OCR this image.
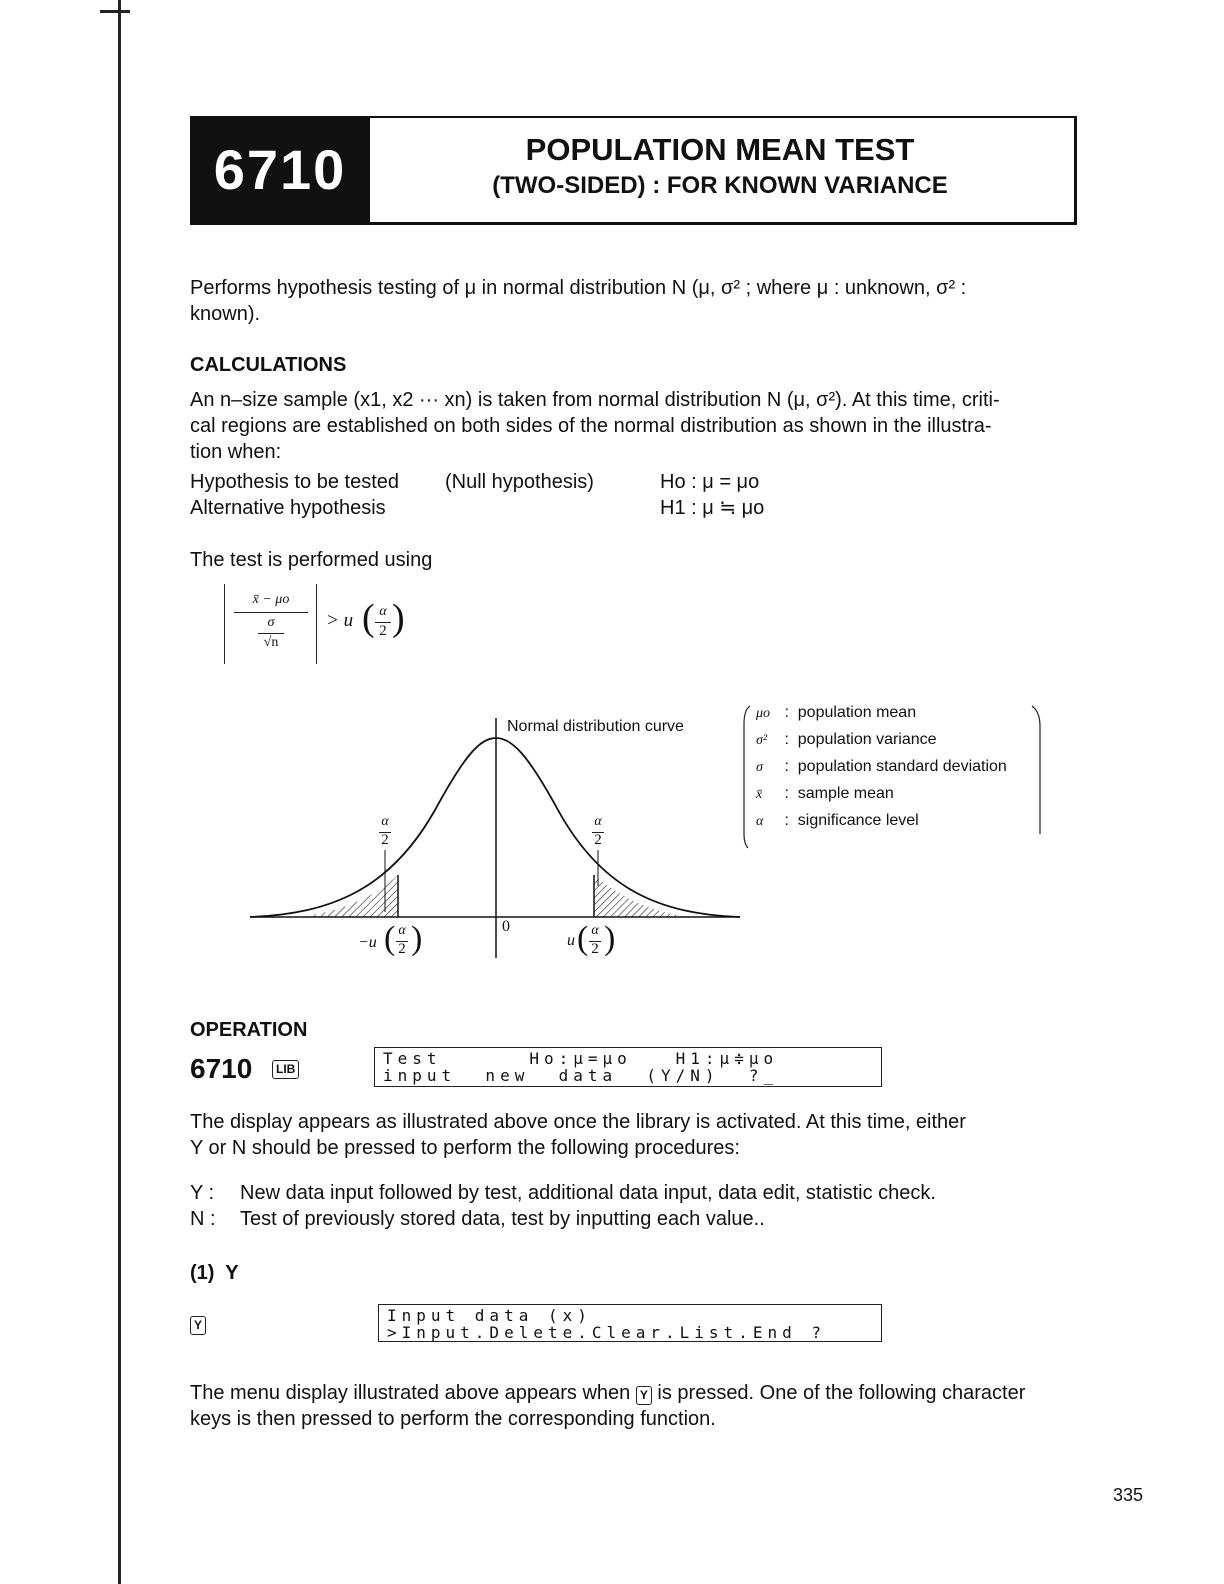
6710	POPULATION MEAN TEST
(TWO-SIDED) : FOR KNOWN VARIANCE
Performs hypothesis testing of μ in normal distribution N (μ, σ² ; where μ : unknown, σ² :
known).
CALCULATIONS
An n–size sample (x1, x2 ··· xn) is taken from normal distribution N (μ, σ²). At this time, criti-
cal regions are established on both sides of the normal distribution as shown in the illustra-
tion when:
Hypothesis to be tested (Null hypothesis)	Ho : μ = μo
Alternative hypothesis	H1 : μ ≒ μo
The test is performed using
x̄ − μo
σ
√n
> u ( α
2 )
Normal distribution curve
α
2
α
2
0
−u ( α
2 )	u ( α
2 )
μo :  population mean
σ² :  population variance
σ :  population standard deviation
x̄ :  sample mean
α :  significance level
OPERATION
6710	LIB
Test      Ho:μ=μo   H1:μ≑μo
input  new  data  (Y/N)  ?_
The display appears as illustrated above once the library is activated. At this time, either
Y or N should be pressed to perform the following procedures:
Y : New data input followed by test, additional data input, data edit, statistic check.
N : Test of previously stored data, test by inputting each value..
(1)  Y
Y	Input data (x)
>Input.Delete.Clear.List.End ?_
The menu display illustrated above appears when Y is pressed. One of the following character
keys is then pressed to perform the corresponding function.
335
